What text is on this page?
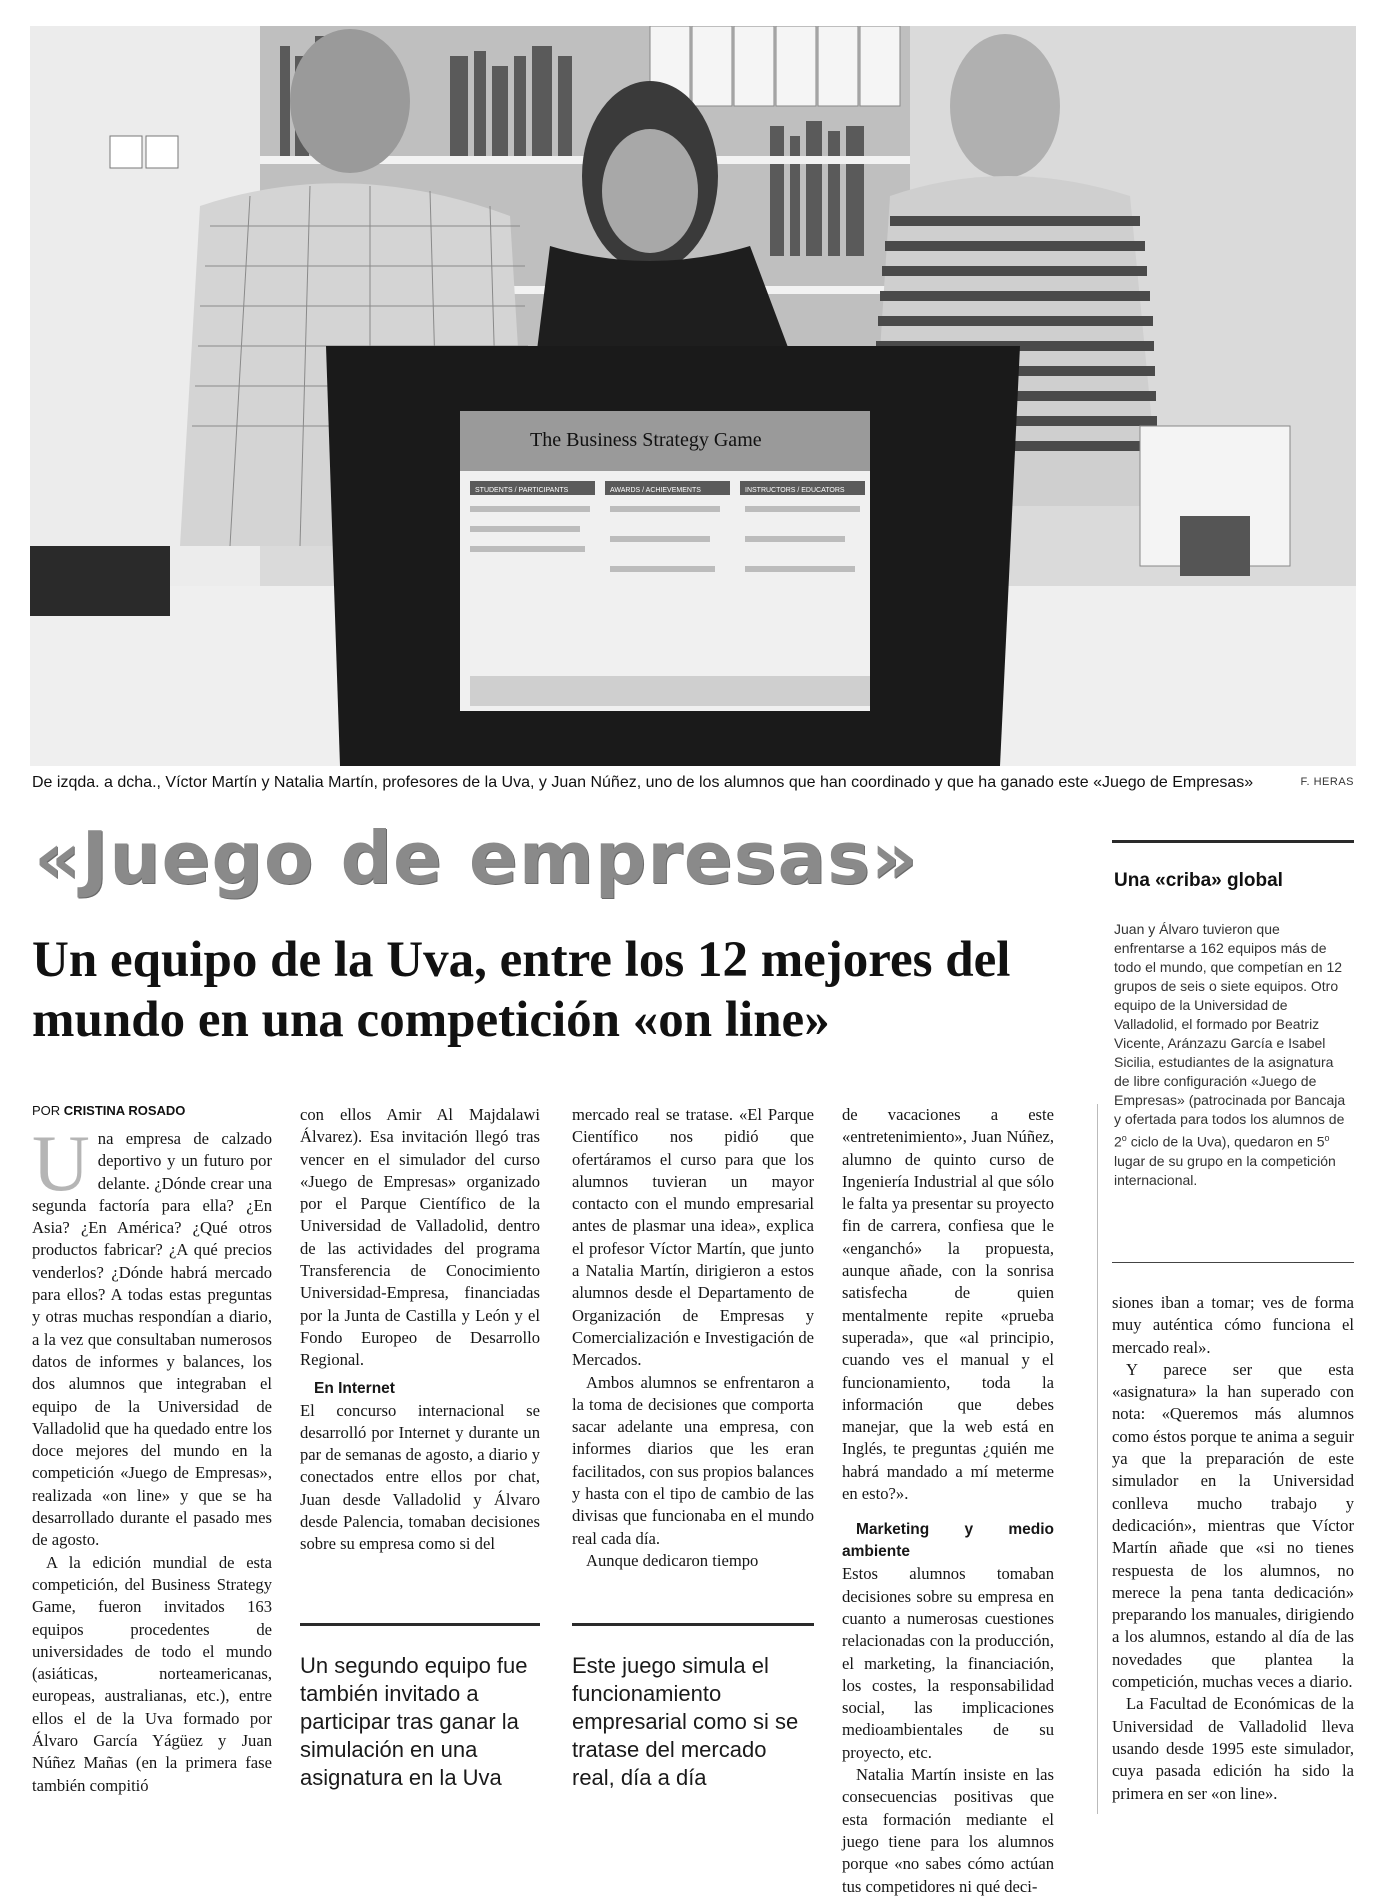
The Business Strategy Game
STUDENTS / PARTICIPANTS	AWARDS / ACHIEVEMENTS	INSTRUCTORS / EDUCATORS
De izqda. a dcha., Víctor Martín y Natalia Martín, profesores de la Uva, y Juan Núñez, uno de los alumnos que han coordinado y que ha ganado este «Juego de Empresas»	F. HERAS
«Juego de empresas»
Un equipo de la Uva, entre los 12 mejores del mundo en una competición «on line»
POR CRISTINA ROSADO

Una empresa de calzado deportivo y un futuro por delante. ¿Dónde crear una segunda factoría para ella? ¿En Asia? ¿En América? ¿Qué otros productos fabricar? ¿A qué precios venderlos? ¿Dónde habrá mercado para ellos? A todas estas preguntas y otras muchas respondían a diario, a la vez que consultaban numerosos datos de informes y balances, los dos alumnos que integraban el equipo de la Universidad de Valladolid que ha quedado entre los doce mejores del mundo en la competición «Juego de Empresas», realizada «on line» y que se ha desarrollado durante el pasado mes de agosto.

A la edición mundial de esta competición, del Business Strategy Game, fueron invitados 163 equipos procedentes de universidades de todo el mundo (asiáticas, norteamericanas, europeas, australianas, etc.), entre ellos el de la Uva formado por Álvaro García Yágüez y Juan Núñez Mañas (en la primera fase también compitió

con ellos Amir Al Majdalawi Álvarez). Esa invitación llegó tras vencer en el simulador del curso «Juego de Empresas» organizado por el Parque Científico de la Universidad de Valladolid, dentro de las actividades del programa Transferencia de Conocimiento Universidad-Empresa, financiadas por la Junta de Castilla y León y el Fondo Europeo de Desarrollo Regional.

En Internet

El concurso internacional se desarrolló por Internet y durante un par de semanas de agosto, a diario y conectados entre ellos por chat, Juan desde Valladolid y Álvaro desde Palencia, tomaban decisiones sobre su empresa como si del

mercado real se tratase. «El Parque Científico nos pidió que ofertáramos el curso para que los alumnos tuvieran un mayor contacto con el mundo empresarial antes de plasmar una idea», explica el profesor Víctor Martín, que junto a Natalia Martín, dirigieron a estos alumnos desde el Departamento de Organización de Empresas y Comercialización e Investigación de Mercados.

Ambos alumnos se enfrentaron a la toma de decisiones que comporta sacar adelante una empresa, con informes diarios que les eran facilitados, con sus propios balances y hasta con el tipo de cambio de las divisas que funcionaba en el mundo real cada día.

Aunque dedicaron tiempo

de vacaciones a este «entretenimiento», Juan Núñez, alumno de quinto curso de Ingeniería Industrial al que sólo le falta ya presentar su proyecto fin de carrera, confiesa que le «enganchó» la propuesta, aunque añade, con la sonrisa satisfecha de quien mentalmente repite «prueba superada», que «al principio, cuando ves el manual y el funcionamiento, toda la información que debes manejar, que la web está en Inglés, te preguntas ¿quién me habrá mandado a mí meterme en esto?».

Marketing y medio ambiente

Estos alumnos tomaban decisiones sobre su empresa en cuanto a numerosas cuestiones relacionadas con la producción, el marketing, la financiación, los costes, la responsabilidad social, las implicaciones medioambientales de su proyecto, etc.

Natalia Martín insiste en las consecuencias positivas que esta formación mediante el juego tiene para los alumnos porque «no sabes cómo actúan tus competidores ni qué deci-

siones iban a tomar; ves de forma muy auténtica cómo funciona el mercado real».

Y parece ser que esta «asignatura» la han superado con nota: «Queremos más alumnos como éstos porque te anima a seguir ya que la preparación de este simulador en la Universidad conlleva mucho trabajo y dedicación», mientras que Víctor Martín añade que «si no tienes respuesta de los alumnos, no merece la pena tanta dedicación» preparando los manuales, dirigiendo a los alumnos, estando al día de las novedades que plantea la competición, muchas veces a diario.

La Facultad de Económicas de la Universidad de Valladolid lleva usando desde 1995 este simulador, cuya pasada edición ha sido la primera en ser «on line».

Un segundo equipo fue también invitado a participar tras ganar la simulación en una asignatura en la Uva
Este juego simula el funcionamiento empresarial como si se tratase del mercado real, día a día
Una «criba» global
Juan y Álvaro tuvieron que enfrentarse a 162 equipos más de todo el mundo, que competían en 12 grupos de seis o siete equipos. Otro equipo de la Universidad de Valladolid, el formado por Beatriz Vicente, Aránzazu García e Isabel Sicilia, estudiantes de la asignatura de libre configuración «Juego de Empresas» (patrocinada por Bancaja y ofertada para todos los alumnos de 2$^o$ ciclo de la Uva), quedaron en 5$^o$ lugar de su grupo en la competición internacional.
